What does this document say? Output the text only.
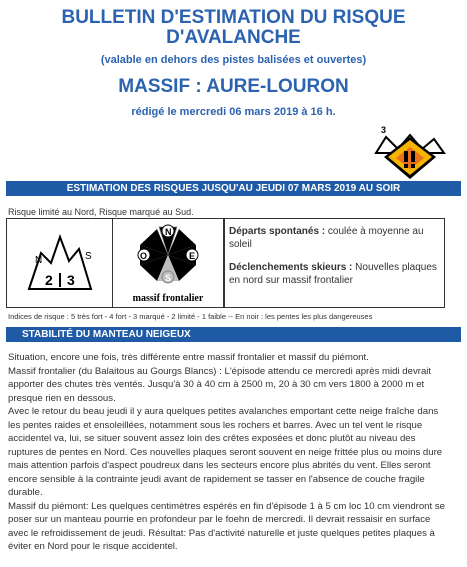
BULLETIN D'ESTIMATION DU RISQUE
D'AVALANCHE
(valable en dehors des pistes balisées et ouvertes)
MASSIF : AURE-LOURON
rédigé le mercredi 06 mars 2019 à 16 h.
3
ESTIMATION DES RISQUES JUSQU'AU JEUDI 07 MARS 2019 AU SOIR
Risque limité au Nord, Risque marqué au Sud.
N	S
2 3
N
E
O
S
massif frontalier
Départs spontanés : coulée à moyenne au soleil
Déclenchements skieurs : Nouvelles plaques en nord sur massif frontalier
Indices de risque : 5 très fort - 4 fort - 3 marqué - 2 limité - 1 faible -- En noir : les pentes les plus dangereuses
STABILITÉ DU MANTEAU NEIGEUX

Situation, encore une fois, très différente entre massif frontalier et massif du piémont.

Massif frontalier (du Balaitous au Gourgs Blancs) : L'épisode attendu ce mercredi après midi devrait apporter des chutes très ventés. Jusqu'à 30 à 40 cm à 2500 m, 20 à 30 cm vers 1800 à 2000 m et presque rien en dessous.

Avec le retour du beau jeudi il y aura quelques petites avalanches emportant cette neige fraîche dans les pentes raides et ensoleillées, notamment sous les rochers et barres. Avec un tel vent le risque accidentel va, lui, se situer souvent assez loin des crêtes exposées et donc plutôt au niveau des ruptures de pentes en Nord. Ces nouvelles plaques seront souvent en neige frittée plus ou moins dure mais attention parfois d'aspect poudreux dans les secteurs encore plus abrités du vent. Elles seront encore sensible à la contrainte jeudi avant de rapidement se tasser en l'absence de couche fragile durable.

Massif du piémont: Les quelques centimètres espérés en fin d'épisode 1 à 5 cm loc 10 cm viendront se poser sur un manteau pourrie en profondeur par le foehn de mercredi. Il devrait ressaisir en surface avec le refroidissement de jeudi. Résultat: Pas d'activité naturelle et juste quelques petites plaques à éviter en Nord pour le risque accidentel.
